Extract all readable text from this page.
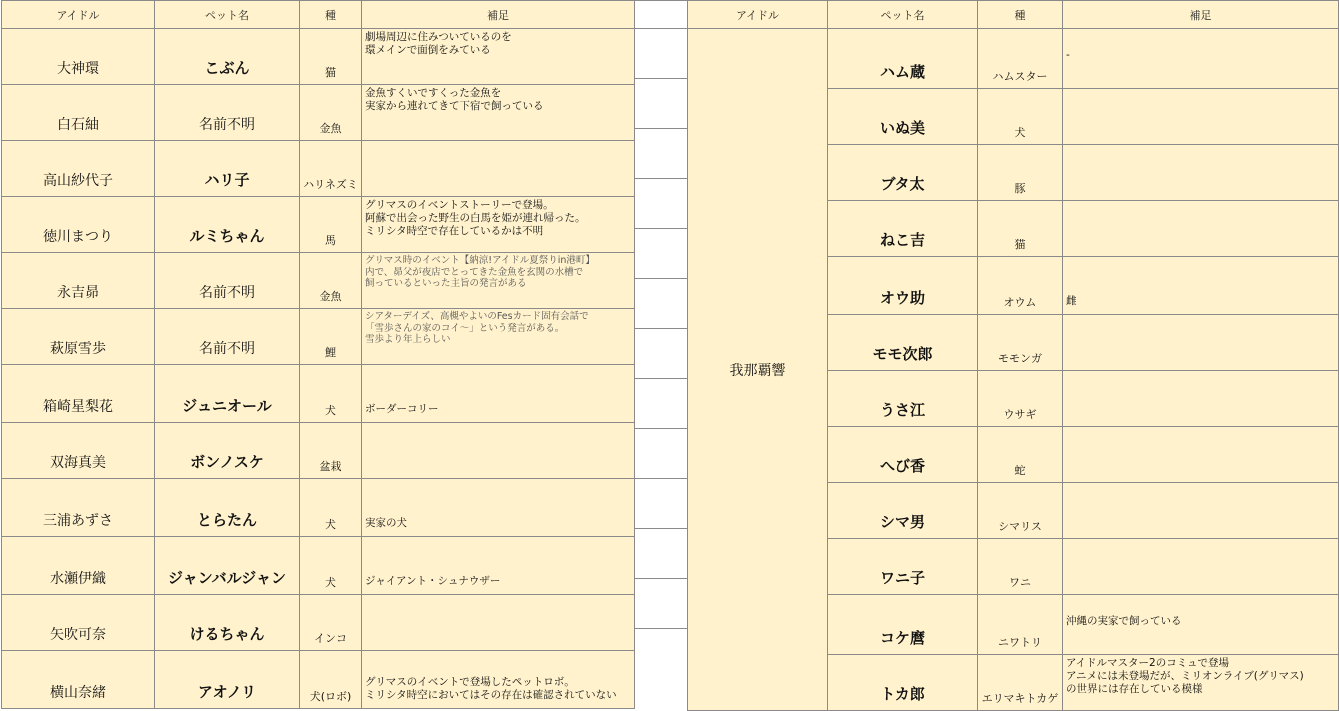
アイドル	ペット名	種	補足
大神環	こぶん	猫	劇場周辺に住みついているのを
環メインで面倒をみている

白石紬	名前不明	金魚	金魚すくいですくった金魚を
実家から連れてきて下宿で飼っている

高山紗代子	ハリ子	ハリネズミ	
徳川まつり	ルミちゃん	馬	グリマスのイベントストーリーで登場。
阿蘇で出会った野生の白馬を姫が連れ帰った。
ミリシタ時空で存在しているかは不明

永吉昴	名前不明	金魚	グリマス時のイベント【納涼!アイドル夏祭りin港町】
内で、昴父が夜店でとってきた金魚を玄関の水槽で
飼っているといった主旨の発言がある

萩原雪歩	名前不明	鯉	シアターデイズ、高槻やよいのFesカード固有会話で
「雪歩さんの家のコイ～」という発言がある。
雪歩より年上らしい

箱崎星梨花	ジュニオール	犬	ボーダーコリー

双海真美	ボンノスケ	盆栽	
三浦あずさ	とらたん	犬	実家の犬

水瀬伊織	ジャンバルジャン	犬	ジャイアント・シュナウザー

矢吹可奈	けるちゃん	インコ	
横山奈緒	アオノリ	犬(ロボ)	グリマスのイベントで登場したペットロボ。
ミリシタ時空においてはその存在は確認されていない

アイドル	ペット名	種	補足
我那覇響	ハム蔵	ハムスター	-

	いぬ美	犬	
	ブタ太	豚	
	ねこ吉	猫	
	オウ助	オウム	雌

	モモ次郎	モモンガ	
	うさ江	ウサギ	
	へび香	蛇	
	シマ男	シマリス	
	ワニ子	ワニ	
	コケ麿	ニワトリ	沖縄の実家で飼っている

	トカ郎	エリマキトカゲ	アイドルマスター2のコミュで登場
アニメには未登場だが、ミリオンライブ(グリマス)
の世界には存在している模様
